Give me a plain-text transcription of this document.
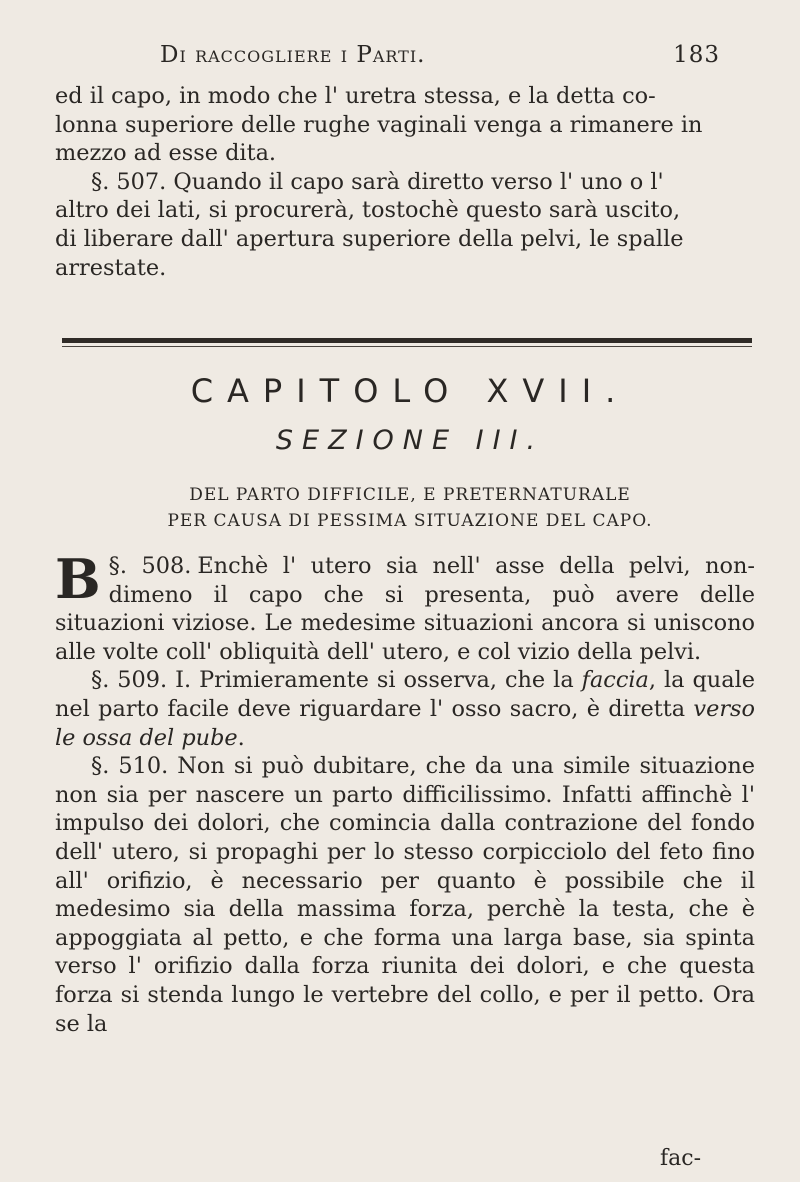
Di raccogliere i Parti.	183

ed il capo, in modo che l' uretra stessa, e la detta co-

lonna superiore delle rughe vaginali venga a rimanere in

mezzo ad esse dita.

§. 507. Quando il capo sarà diretto verso l' uno o l'

altro dei lati, si procurerà, tostochè questo sarà uscito,

di liberare dall' apertura superiore della pelvi, le spalle

arrestate.

CAPITOLO XVII.
SEZIONE III.
DEL PARTO DIFFICILE, E PRETERNATURALE
PER CAUSA DI PESSIMA SITUAZIONE DEL CAPO.

§. 508.
B	Enchè l' utero sia nell' asse della pelvi, non-dimeno il capo che si presenta, può avere delle situazioni viziose. Le medesime situazioni ancora si uniscono alle volte coll' obliquità dell' utero, e col vizio della pelvi.

§. 509. I. Primieramente si osserva, che la faccia, la quale nel parto facile deve riguardare l' osso sacro, è diretta verso le ossa del pube.

§. 510. Non si può dubitare, che da una simile situazione non sia per nascere un parto difficilissimo. Infatti affinchè l' impulso dei dolori, che comincia dalla contrazione del fondo dell' utero, si propaghi per lo stesso corpicciolo del feto fino all' orifizio, è necessario per quanto è possibile che il medesimo sia della massima forza, perchè la testa, che è appoggiata al petto, e che forma una larga base, sia spinta verso l' orifizio dalla forza riunita dei dolori, e che questa forza si stenda lungo le vertebre del collo, e per il petto. Ora se la

fac-
